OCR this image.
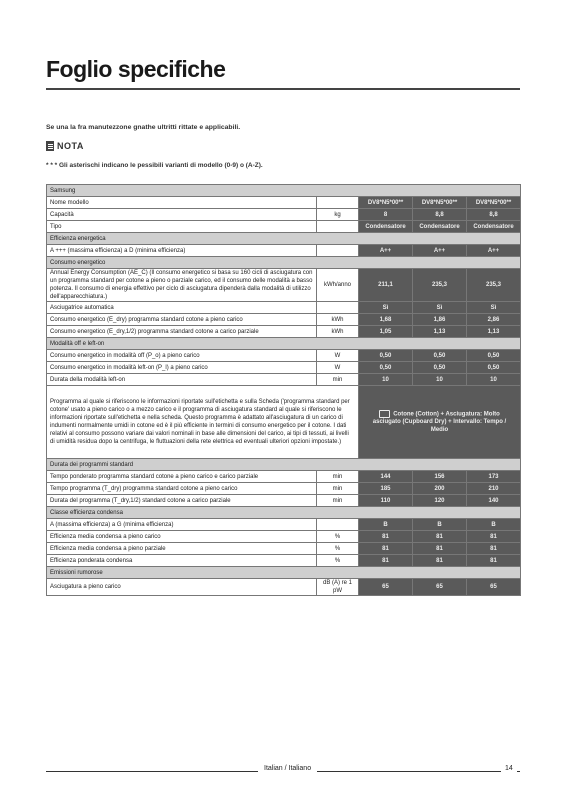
Foglio specifiche
Se una la fra manutezzone gnathe ultritti rittate e applicabili.
NOTA
* * * Gli asterischi indicano le pessibili varianti di modello (0-9) o (A-Z).
Samsung				
Nome modello		DV8*N5*00**	DV8*N5*00**	DV8*N5*00**
Capacità	kg	8	8,8	8,8
Tipo		Condensatore	Condensatore	Condensatore
Efficienza energetica				
A +++ (massima efficienza) a D (minima efficienza)		A++	A++	A++
Consumo energetico				
Annual Energy Consumption (AE_C) (Il consumo energetico si basa su 160 cicli di asciugatura con un programma standard per cotone a pieno o parziale carico, ed il consumo delle modalità a basso potenza. Il consumo di energia effettivo per ciclo di asciugatura dipenderà dalla modalità di utilizzo dell'apparecchiatura.)	kWh/anno	211,1	235,3	235,3
Asciugatrice automatica		Sì	Sì	Sì
Consumo energetico (E_dry) programma standard cotone a pieno carico	kWh	1,68	1,86	2,86
Consumo energetico (E_dry,1/2) programma standard cotone a carico parziale	kWh	1,05	1,13	1,13
Modalità off e left-on				
Consumo energetico in modalità off (P_o) a pieno carico	W	0,50	0,50	0,50
Consumo energetico in modalità left-on (P_l) a pieno carico	W	0,50	0,50	0,50
Durata della modalità left-on	min	10	10	10
Programma al quale si riferiscono le informazioni riportate sull'etichetta e sulla Scheda ('programma standard per cotone' usato a pieno carico o a mezzo carico e il programma di asciugatura standard al quale si riferiscono le informazioni riportate sull'etichetta e nella scheda. Questo programma è adattato all'asciugatura di un carico di indumenti normalmente umidi in cotone ed è il più efficiente in termini di consumo energetico per il cotone. I dati relativi al consumo possono variare dai valori nominali in base alle dimensioni del carico, ai tipi di tessuti, ai livelli di umidità residua dopo la centrifuga, le fluttuazioni della rete elettrica ed eventuali ulteriori opzioni impostate.)		Cotone (Cotton) + Asciugatura: Molto asciugato (Cupboard Dry) + Intervallo: Tempo / Medio		
Durata dei programmi standard				
Tempo ponderato programma standard cotone a pieno carico e carico parziale	min	144	156	173
Tempo programma (T_dry) programma standard cotone a pieno carico	min	185	200	210
Durata del programma (T_dry,1/2) standard cotone a carico parziale	min	110	120	140
Classe efficienza condensa				
A (massima efficienza) a G (minima efficienza)		B	B	B
Efficienza media condensa a pieno carico	%	81	81	81
Efficienza media condensa a pieno parziale	%	81	81	81
Efficienza ponderata condensa	%	81	81	81
Emissioni rumorose				
Asciugatura a pieno carico	dB (A) re 1 pW	65	65	65
Italian / Italiano	14
